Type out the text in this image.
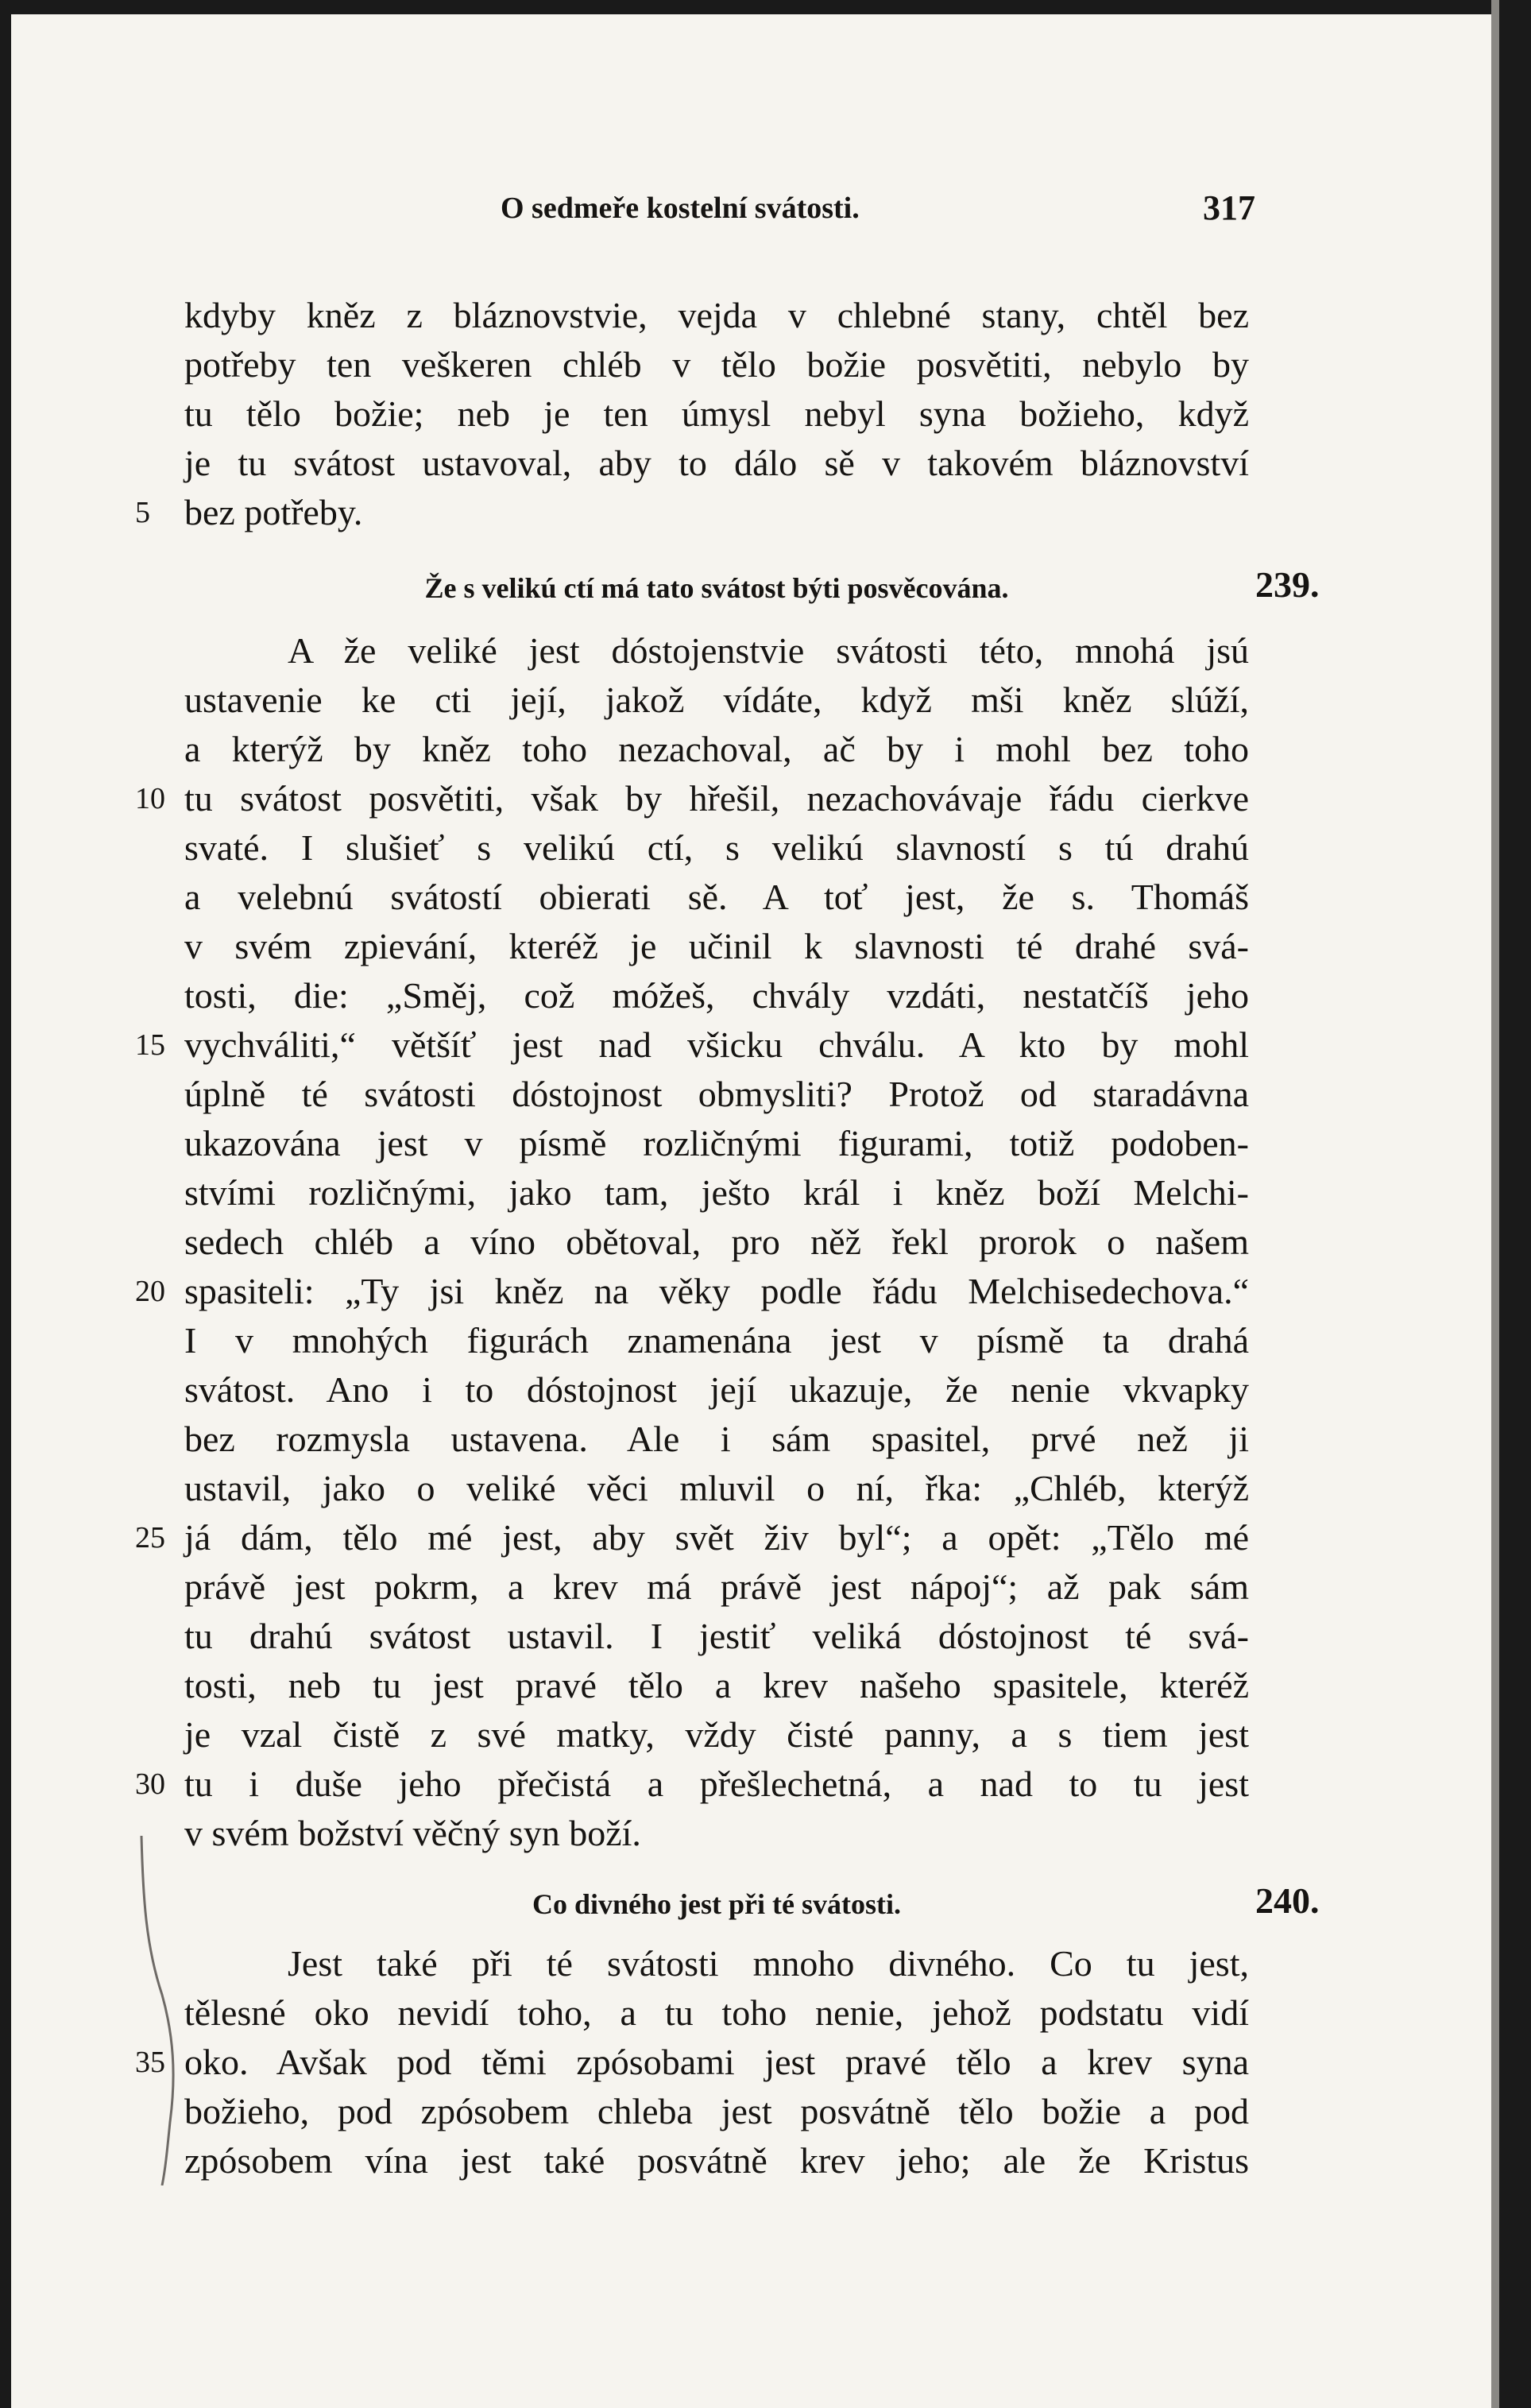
O sedmeře kostelní svátosti.	317
kdyby kněz z bláznovstvie, vejda v chlebné stany, chtěl bez
potřeby ten veškeren chléb v tělo božie posvětiti, nebylo by
tu tělo božie; neb je ten úmysl nebyl syna božieho, když
je tu svátost ustavoval, aby to dálo sě v takovém bláznovství
5 bez potřeby.
Že s velikú ctí má tato svátost býti posvěcována.	239.
A že veliké jest dóstojenstvie svátosti této, mnohá jsú
ustavenie ke cti její, jakož vídáte, když mši kněz slúží,
a kterýž by kněz toho nezachoval, ač by i mohl bez toho
10 tu svátost posvětiti, však by hřešil, nezachovávaje řádu cierkve
svaté. I slušieť s velikú ctí, s velikú slavností s tú drahú
a velebnú svátostí obierati sě. A toť jest, že s. Thomáš
v svém zpievání, kteréž je učinil k slavnosti té drahé svá-
tosti, die: „Směj, což móžeš, chvály vzdáti, nestatčíš jeho
15 vychváliti,“ většíť jest nad všicku chválu. A kto by mohl
úplně té svátosti dóstojnost obmysliti? Protož od staradávna
ukazována jest v písmě rozličnými figurami, totiž podoben-
stvími rozličnými, jako tam, ješto král i kněz boží Melchi-
sedech chléb a víno obětoval, pro něž řekl prorok o našem
20 spasiteli: „Ty jsi kněz na věky podle řádu Melchisedechova.“
I v mnohých figurách znamenána jest v písmě ta drahá
svátost. Ano i to dóstojnost její ukazuje, že nenie vkvapky
bez rozmysla ustavena. Ale i sám spasitel, prvé než ji
ustavil, jako o veliké věci mluvil o ní, řka: „Chléb, kterýž
25 já dám, tělo mé jest, aby svět živ byl“; a opět: „Tělo mé
právě jest pokrm, a krev má právě jest nápoj“; až pak sám
tu drahú svátost ustavil. I jestiť veliká dóstojnost té svá-
tosti, neb tu jest pravé tělo a krev našeho spasitele, kteréž
je vzal čistě z své matky, vždy čisté panny, a s tiem jest
30 tu i duše jeho přečistá a přešlechetná, a nad to tu jest
v svém božství věčný syn boží.
Co divného jest při té svátosti.	240.
Jest také při té svátosti mnoho divného. Co tu jest,
tělesné oko nevidí toho, a tu toho nenie, jehož podstatu vidí
35 oko. Avšak pod těmi zpósobami jest pravé tělo a krev syna
božieho, pod zpósobem chleba jest posvátně tělo božie a pod
zpósobem vína jest také posvátně krev jeho; ale že Kristus
